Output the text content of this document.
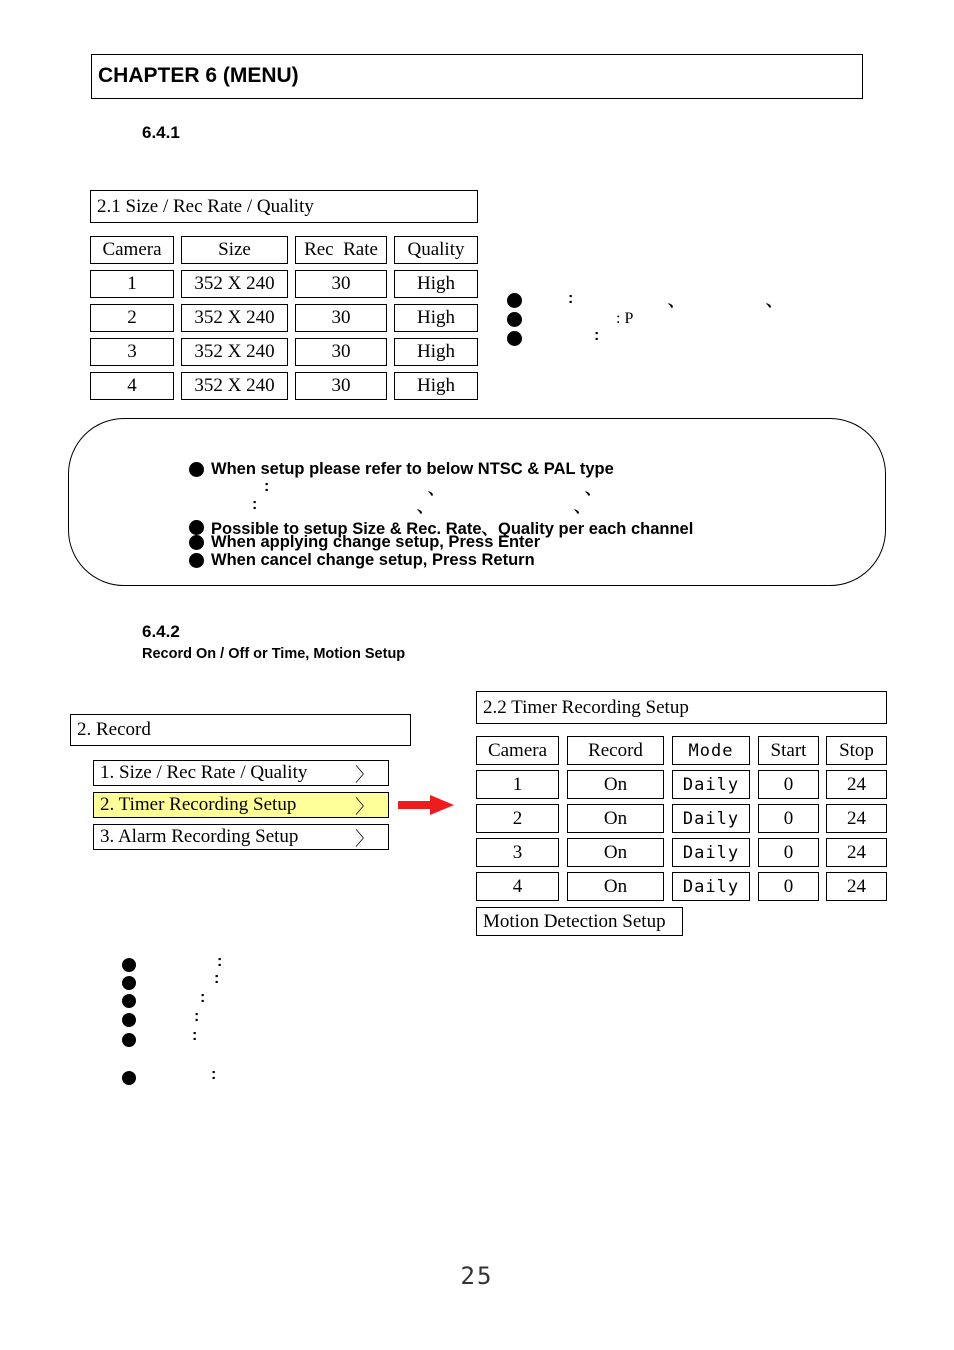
CHAPTER 6 (MENU)
6.4.1
2.1 Size / Rec Rate / Quality
Camera	Size	Rec  Rate	Quality
1	352 X 240	30	High
2	352 X 240	30	High
3	352 X 240	30	High
4	352 X 240	30	High
:	、	、
: P
:
When setup please refer to below NTSC & PAL type
:	、	、
:	、	、
Possible to setup Size & Rec. Rate、Quality per each channel
When applying change setup, Press Enter
When cancel change setup, Press Return
6.4.2
Record On / Off or Time, Motion Setup
2. Record
1. Size / Rec Rate / Quality	〉
2. Timer Recording Setup	〉
3. Alarm Recording Setup	〉
2.2 Timer Recording Setup
Camera	Record	Mode	Start	Stop
1	On	Daily	0	24
2	On	Daily	0	24
3	On	Daily	0	24
4	On	Daily	0	24
Motion Detection Setup
:
:
:
:
:
:
25
